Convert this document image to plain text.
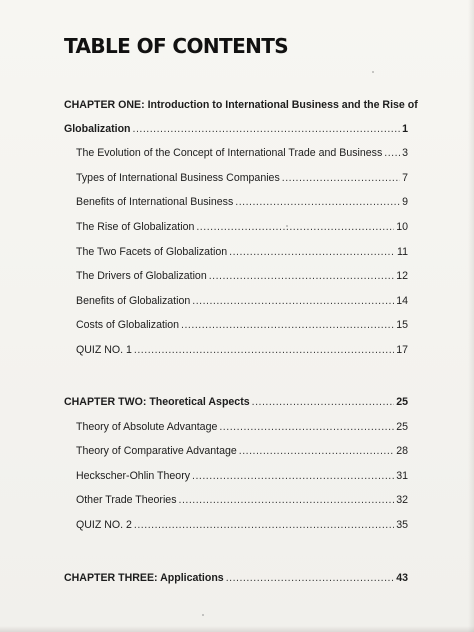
TABLE OF CONTENTS
CHAPTER ONE: Introduction to International Business and the Rise of
Globalization .....	1
The Evolution of the Concept of International Trade and Business ..... 3
Types of International Business Companies .....	7
Benefits of International Business .....	9
The Rise of Globalization .....	10
The Two Facets of Globalization .....	11
The Drivers of Globalization .....	12
Benefits of Globalization .....	14
Costs of Globalization .....	15
QUIZ NO. 1 .....	17
CHAPTER TWO: Theoretical Aspects .....	25
Theory of Absolute Advantage .....	25
Theory of Comparative Advantage .....	28
Heckscher-Ohlin Theory .....	31
Other Trade Theories .....	32
QUIZ NO. 2 .....	35
CHAPTER THREE: Applications .....	43
